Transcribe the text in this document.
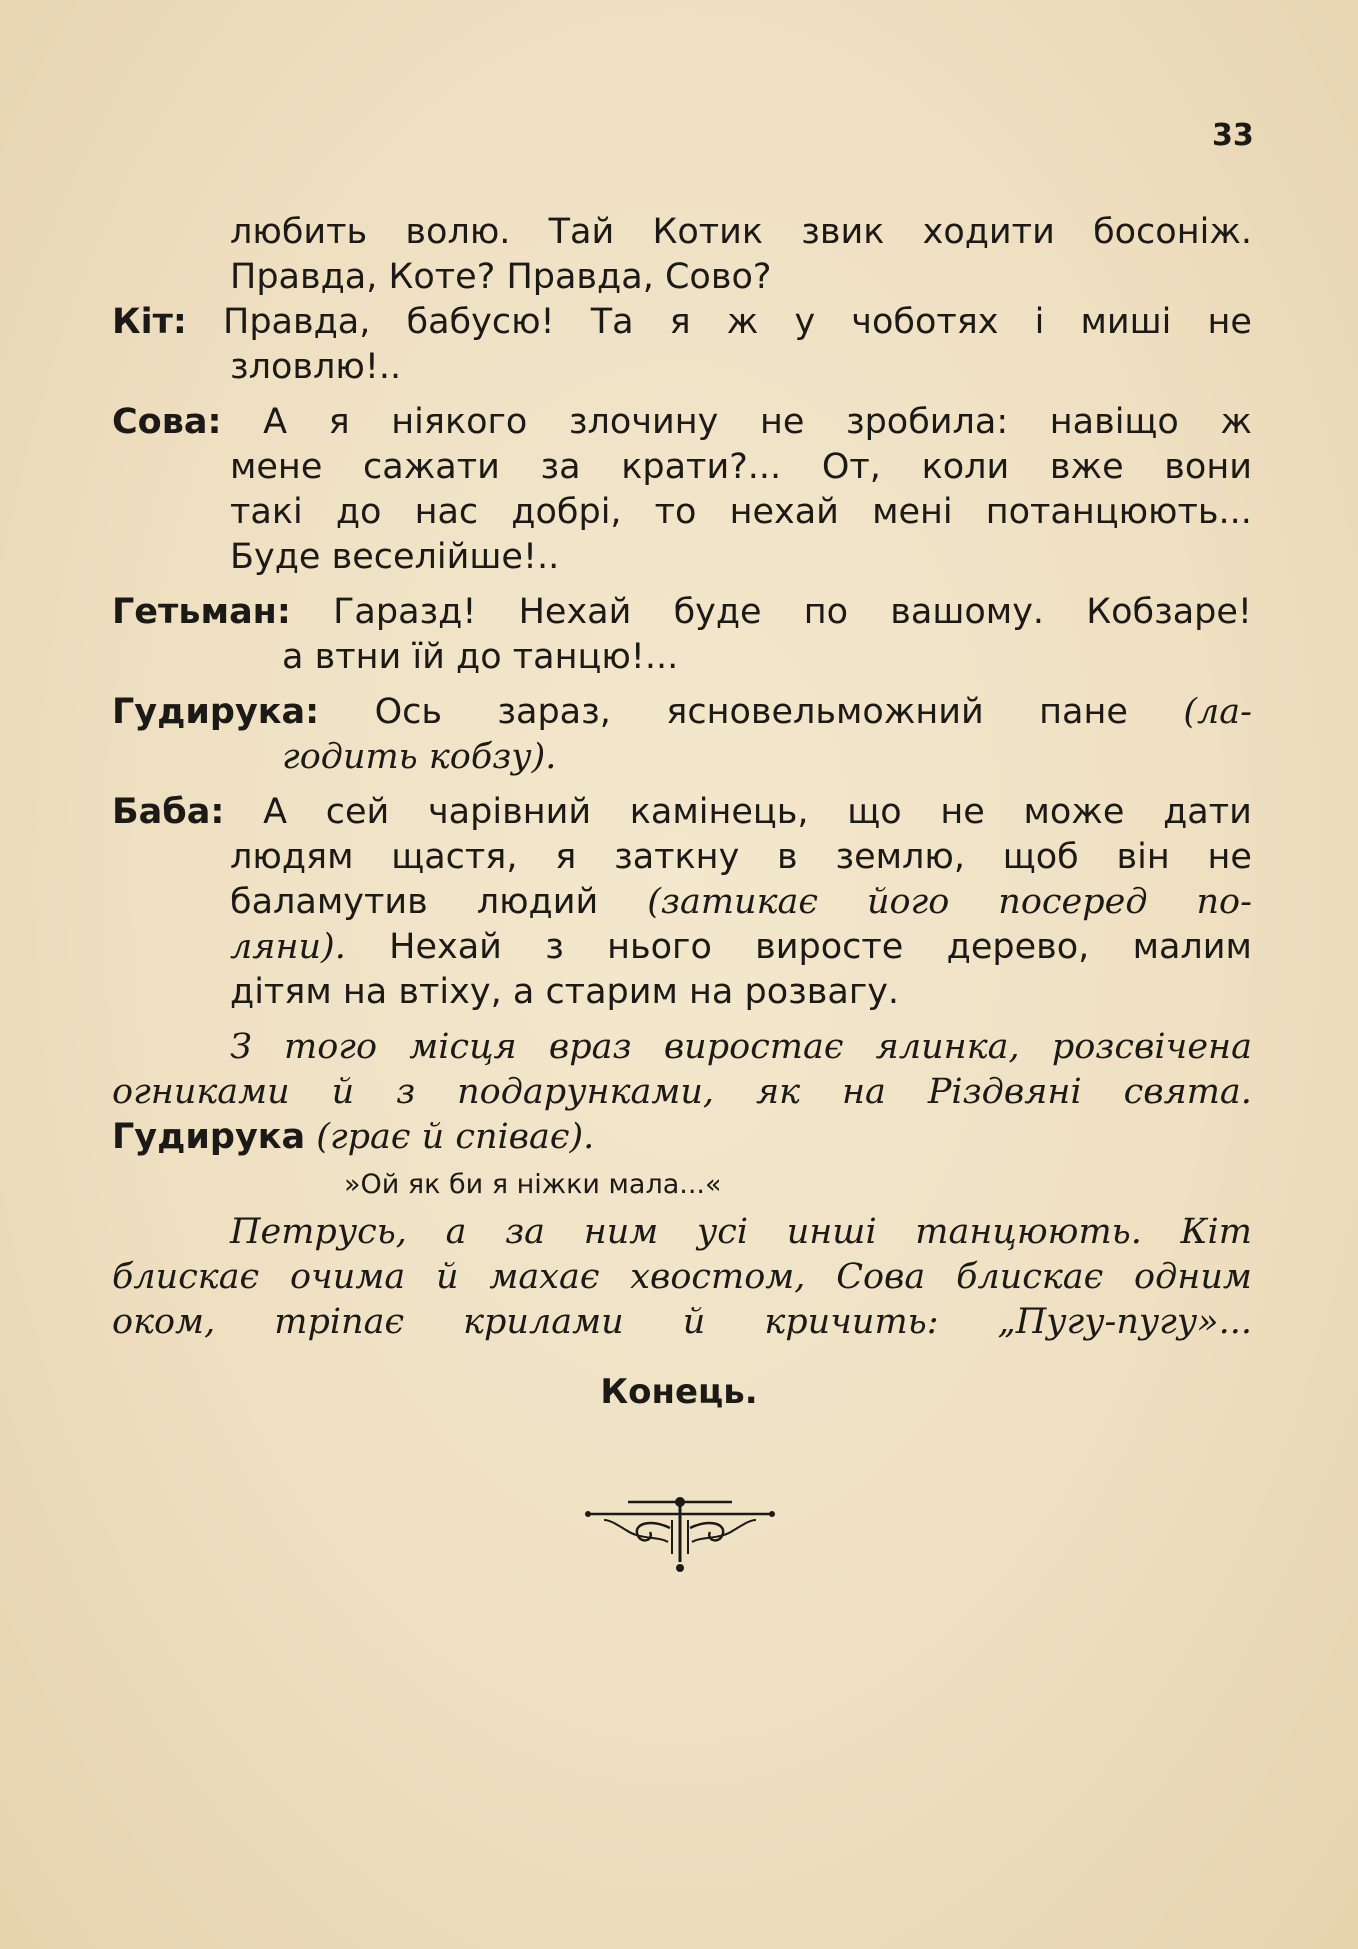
33
любить волю. Тай Котик звик ходити босоніж.
Правда, Коте? Правда, Сово?
Кіт: Правда, бабусю! Та я ж у чоботях і миші не
зловлю!..
Сова: А я ніякого злочину не зробила: навіщо ж
мене сажати за крати?... От, коли вже вони
такі до нас добрі, то нехай мені потанцюють...
Буде веселійше!..
Гетьман: Гаразд! Нехай буде по вашому. Кобзаре!
а втни їй до танцю!...
Гудирука: Ось зараз, ясновельможний пане (ла-
годить кобзу).
Баба: А сей чарівний камінець, що не може дати
людям щастя, я заткну в землю, щоб він не
баламутив людий (затикає його посеред по-
ляни). Нехай з нього виросте дерево, малим
дітям на втіху, а старим на розвагу.
З того місця враз виростає ялинка, розсвічена
огниками й з подарунками, як на Різдвяні свята.
Гудирука (грає й співає).
»Ой як би я ніжки мала...«
Петрусь, а за ним усі инші танцюють. Кіт
блискає очима й махає хвостом, Сова блискає одним
оком, тріпає крилами й кричить: „Пугу-пугу»...
Конець.
